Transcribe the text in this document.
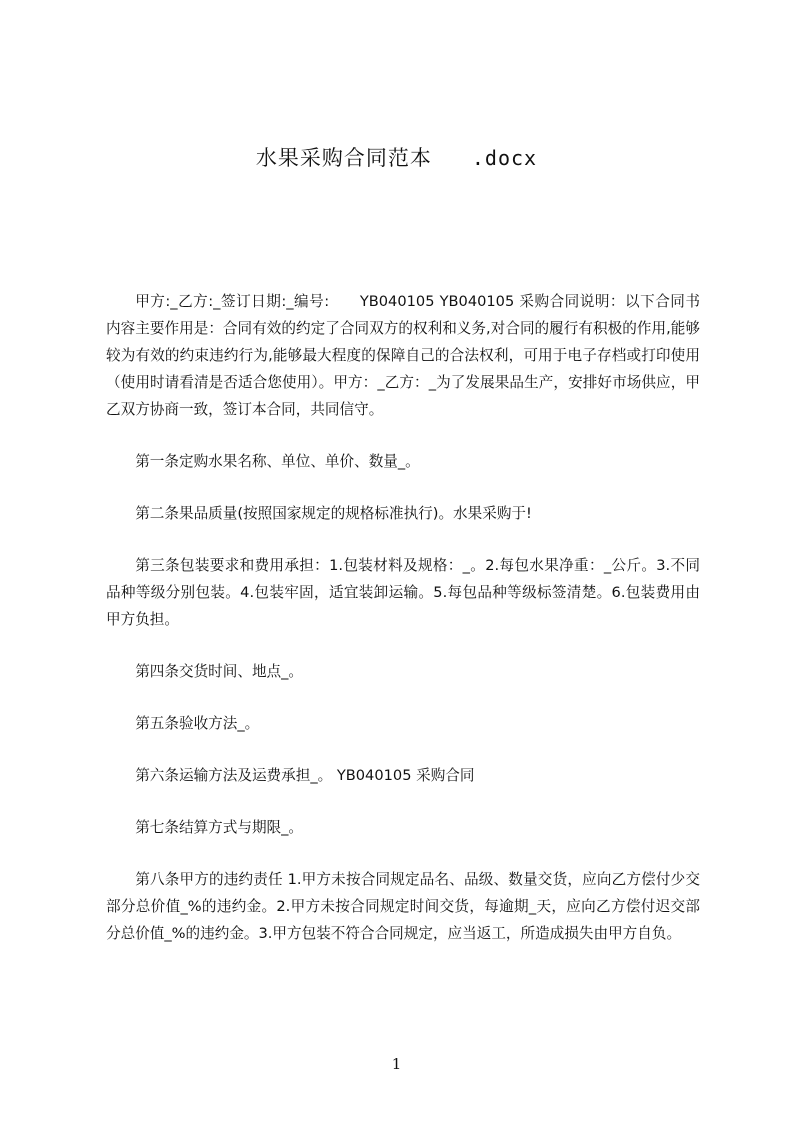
水果采购合同范本 .docx

甲方:_乙方:_签订日期:_编号:　　YB040105 YB040105 采购合同说明：以下合同书内容主要作用是：合同有效的约定了合同双方的权利和义务,对合同的履行有积极的作用,能够较为有效的约束违约行为,能够最大程度的保障自己的合法权利，可用于电子存档或打印使用（使用时请看清是否适合您使用）。甲方：_乙方：_为了发展果品生产，安排好市场供应，甲乙双方协商一致，签订本合同，共同信守。

第一条定购水果名称、单位、单价、数量_。

第二条果品质量(按照国家规定的规格标准执行)。水果采购于!

第三条包装要求和费用承担：1.包装材料及规格：_。2.每包水果净重：_公斤。3.不同品种等级分别包装。4.包装牢固，适宜装卸运输。5.每包品种等级标签清楚。6.包装费用由甲方负担。

第四条交货时间、地点_。

第五条验收方法_。

第六条运输方法及运费承担_。 YB040105 采购合同

第七条结算方式与期限_。

第八条甲方的违约责任 1.甲方未按合同规定品名、品级、数量交货，应向乙方偿付少交部分总价值_%的违约金。2.甲方未按合同规定时间交货，每逾期_天，应向乙方偿付迟交部分总价值_%的违约金。3.甲方包装不符合合同规定，应当返工，所造成损失由甲方自负。

1
